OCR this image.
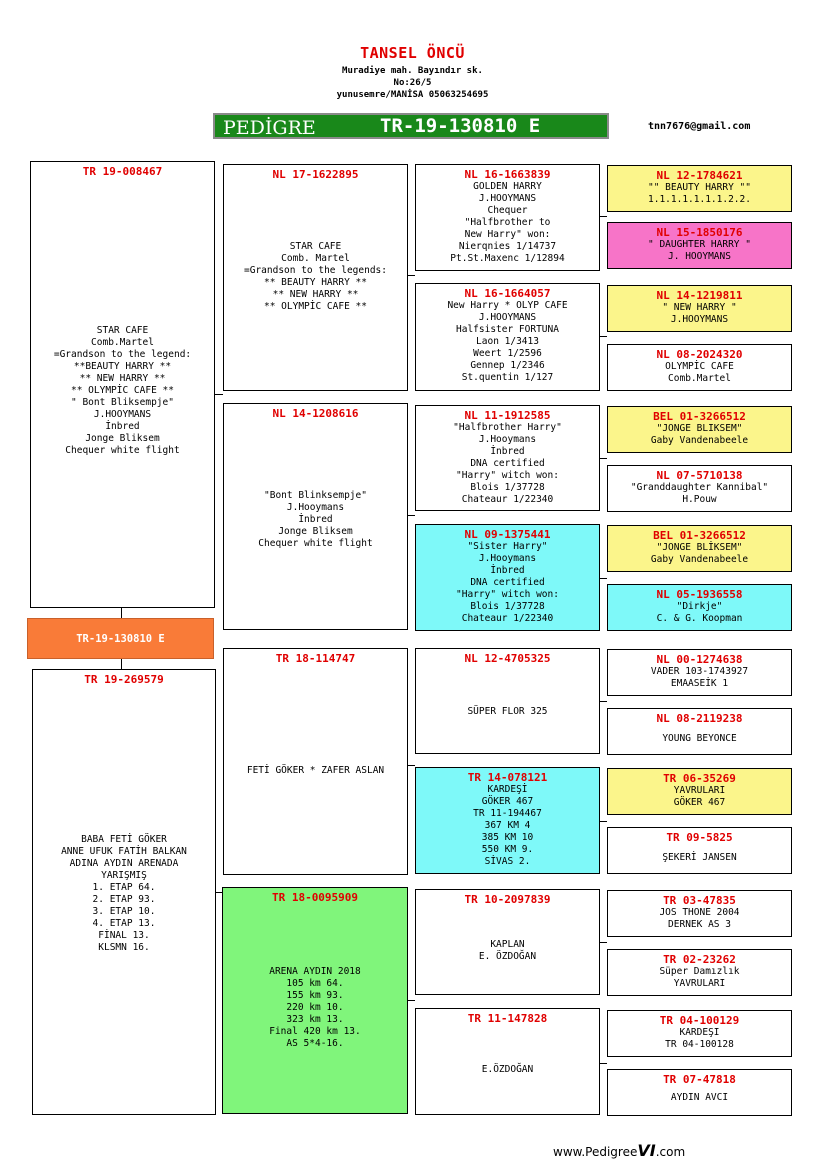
TANSEL ÖNCÜ
Muradiye mah. Bayındır sk.
No:26/5
yunusemre/MANİSA 05063254695
PEDİGRE	TR-19-130810 E	tnn7676@gmail.com
TR 19-008467
STAR CAFE
Comb.Martel
=Grandson to the legend:
**BEAUTY HARRY **
** NEW HARRY **
** OLYMPİC CAFE **
" Bont Bliksempje"
J.HOOYMANS
İnbred
Jonge Bliksem
Chequer white flight
TR-19-130810 E
TR 19-269579
BABA FETİ GÖKER
ANNE UFUK FATİH BALKAN
ADINA AYDIN ARENADA
YARIŞMIŞ
1. ETAP 64.
2. ETAP 93.
3. ETAP 10.
4. ETAP 13.
FİNAL 13.
KLSMN 16.
NL 17-1622895
STAR CAFE
Comb. Martel
=Grandson to the legends:
** BEAUTY HARRY **
** NEW HARRY **
** OLYMPİC CAFE **
NL 14-1208616
"Bont Blinksempje"
J.Hooymans
İnbred
Jonge Bliksem
Chequer white flight
TR 18-114747
FETİ GÖKER * ZAFER ASLAN
TR 18-0095909
ARENA AYDIN 2018
105 km 64.
155 km 93.
220 km 10.
323 km 13.
Final 420 km 13.
AS 5*4-16.
NL 16-1663839
GOLDEN HARRY
J.HOOYMANS
Chequer
"Halfbrother to
New Harry" won:
Nierqnies 1/14737
Pt.St.Maxenc 1/12894
NL 16-1664057
New Harry * OLYP CAFE
J.HOOYMANS
Halfsister FORTUNA
Laon 1/3413
Weert 1/2596
Gennep 1/2346
St.quentin 1/127
NL 11-1912585
"Halfbrother Harry"
J.Hooymans
İnbred
DNA certified
"Harry" witch won:
Blois 1/37728
Chateaur 1/22340
NL 09-1375441
"Sister Harry"
J.Hooymans
İnbred
DNA certified
"Harry" witch won:
Blois 1/37728
Chateaur 1/22340
NL 12-4705325
SÜPER FLOR 325
TR 14-078121
KARDEŞİ
GÖKER 467
TR 11-194467
367 KM 4
385 KM 10
550 KM 9.
SİVAS 2.
TR 10-2097839
KAPLAN
E. ÖZDOĞAN
TR 11-147828
E.ÖZDOĞAN
NL 12-1784621
"" BEAUTY HARRY ""
1.1.1.1.1.1.1.2.2.
NL 15-1850176
" DAUGHTER HARRY "
J. HOOYMANS
NL 14-1219811
" NEW HARRY "
J.HOOYMANS
NL 08-2024320
OLYMPİC CAFE
Comb.Martel
BEL 01-3266512
"JONGE BLIKSEM"
Gaby Vandenabeele
NL 07-5710138
"Granddaughter Kannibal"
H.Pouw
BEL 01-3266512
"JONGE BLİKSEM"
Gaby Vandenabeele
NL 05-1936558
"Dirkje"
C. & G. Koopman
NL 00-1274638
VADER 103-1743927
EMAASEİK 1
NL 08-2119238
YOUNG BEYONCE
TR 06-35269
YAVRULARI
GÖKER 467
TR 09-5825
ŞEKERİ JANSEN
TR 03-47835
JOS THONE 2004
DERNEK AS 3
TR 02-23262
Süper Damızlık
YAVRULARI
TR 04-100129
KARDEŞI
TR 04-100128
TR 07-47818
AYDIN AVCI
www.PedigreeVI.com
